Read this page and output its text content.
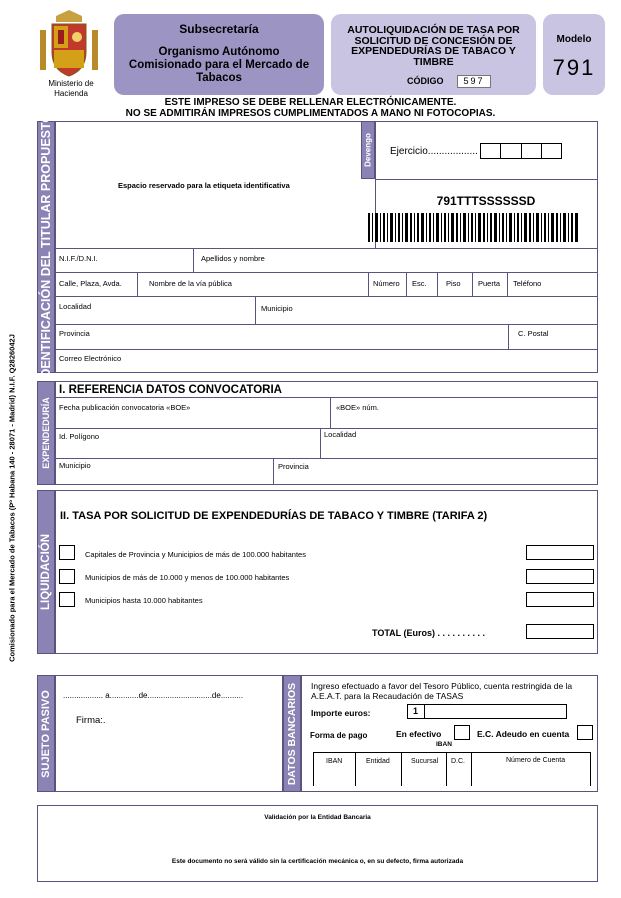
Ministerio de Hacienda
Subsecretaría
Organismo Autónomo Comisionado para el Mercado de Tabacos
AUTOLIQUIDACIÓN DE TASA POR SOLICITUD DE CONCESIÓN DE EXPENDEDURÍAS DE TABACO Y TIMBRE
CÓDIGO	597
Modelo
791
ESTE IMPRESO SE DEBE RELLENAR ELECTRÓNICAMENTE.
NO SE ADMITIRÁN IMPRESOS CUMPLIMENTADOS A MANO NI FOTOCOPIAS.
Comisionado para el Mercado de Tabacos (Pº Habana 140 - 28071 - Madrid) N.I.F. Q2826042J
IDENTIFICACIÓN DEL TITULAR PROPUESTO	Espacio reservado para la etiqueta identificativa
Devengo Ejercicio..................
791TTTSSSSSSD
N.I.F./D.N.I.	Apellidos y nombre
Calle, Plaza, Avda.	Nombre de la vía pública	Número Esc.	Piso Puerta Teléfono
Localidad	Municipio
Provincia	C. Postal
Correo Electrónico
EXPENDEDURÍA
I. REFERENCIA DATOS CONVOCATORIA
Fecha publicación convocatoria «BOE»	«BOE» núm.
Id. Polígono	Localidad
Municipio	Provincia
LIQUIDACIÓN
II. TASA POR SOLICITUD DE EXPENDEDURÍAS DE TABACO Y TIMBRE (TARIFA 2)
Capitales de Provincia y Municipios de más de 100.000 habitantes
Municipios de más de 10.000 y menos de 100.000 habitantes
Municipios hasta 10.000 habitantes
TOTAL (Euros) . . . . . . . . . .
SUJETO PASIVO .................. a.............de.............................de..........
Firma:.	DATOS BANCARIOS Ingreso efectuado a favor del Tesoro Público, cuenta restringida de la A.E.A.T. para la Recaudación de TASAS
Importe euros:	1
Forma de pago	En efectivo	E.C. Adeudo en cuenta
IBAN
IBAN	Entidad	Sucursal D.C.	Número de Cuenta
Validación por la Entidad Bancaria
Este documento no será válido sin la certificación mecánica o, en su defecto, firma autorizada
